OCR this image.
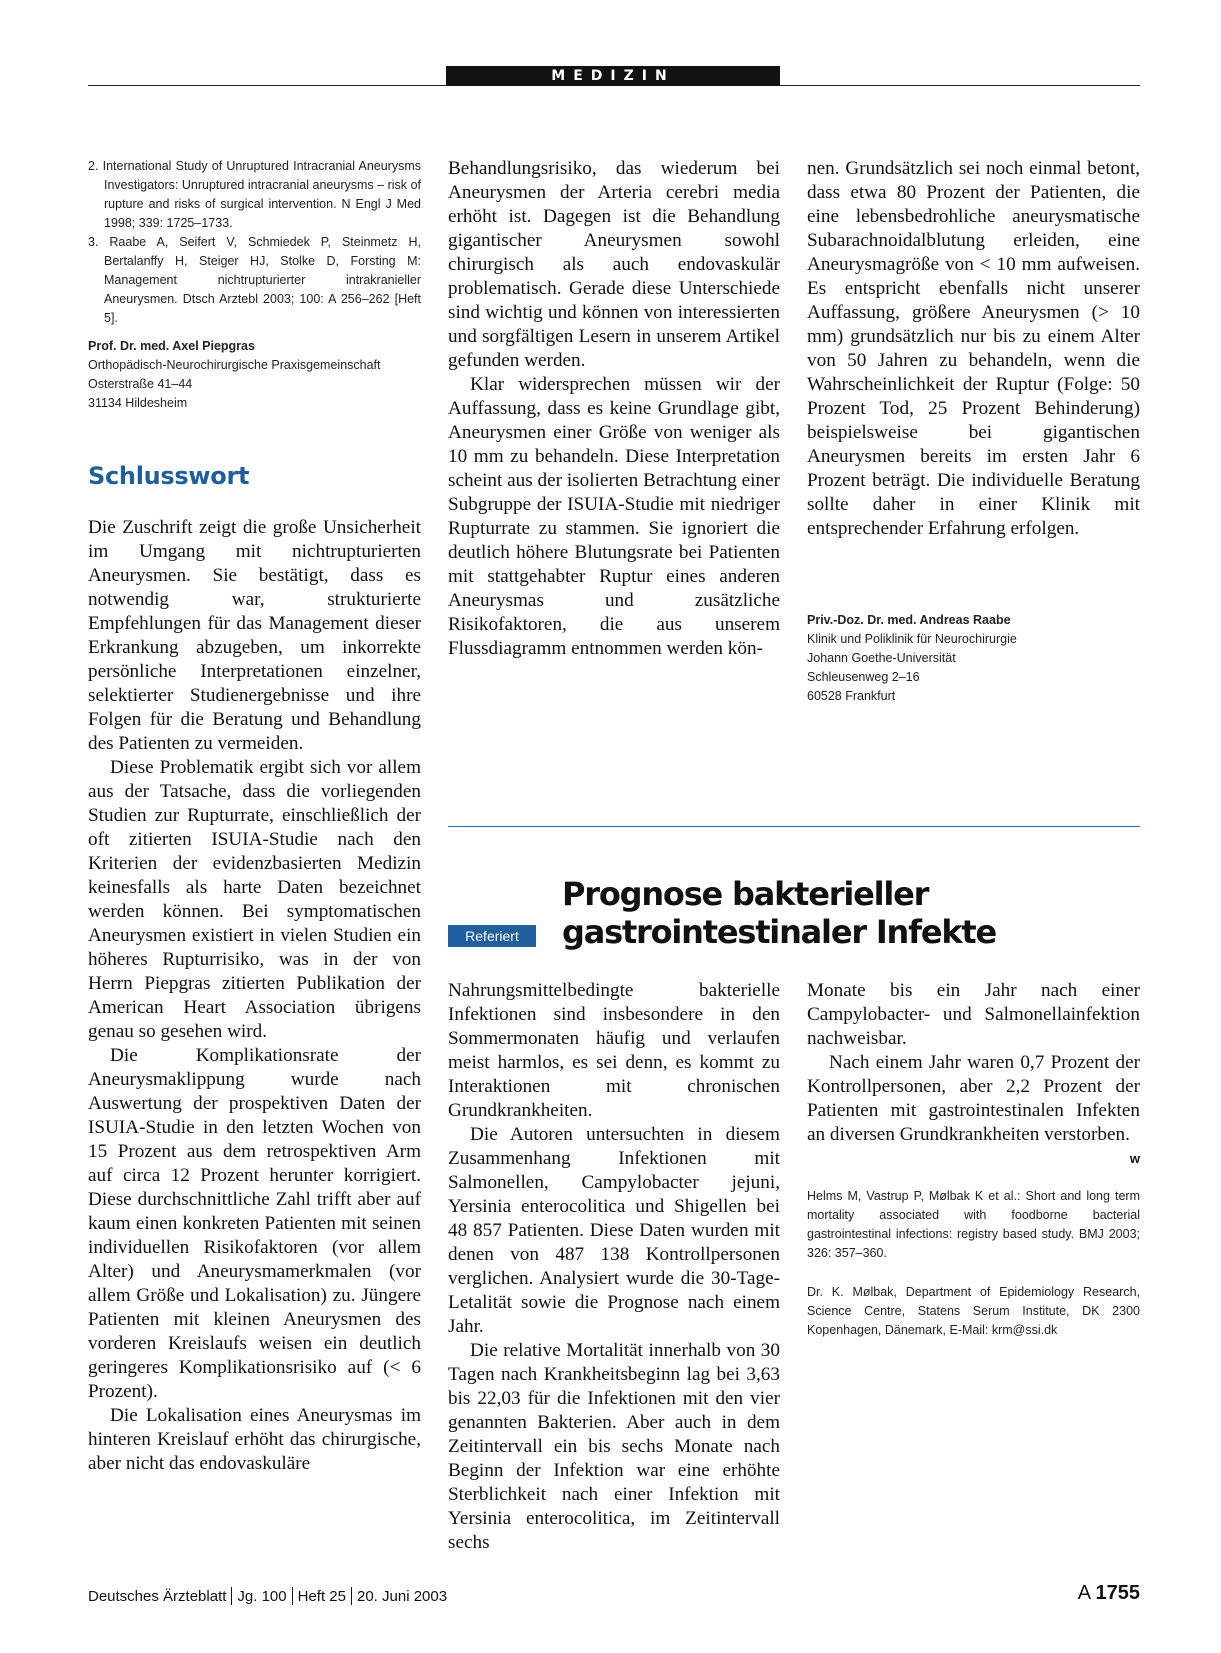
MEDIZIN

2. International Study of Unruptured Intracranial Aneurysms Investigators: Unruptured intracranial aneurysms – risk of rupture and risks of surgical intervention. N Engl J Med 1998; 339: 1725–1733.

3. Raabe A, Seifert V, Schmiedek P, Steinmetz H, Bertalanffy H, Steiger HJ, Stolke D, Forsting M: Management nichtrupturierter intrakranieller Aneurysmen. Dtsch Arztebl 2003; 100: A 256–262 [Heft 5].

Prof. Dr. med. Axel Piepgras

Orthopädisch-Neurochirurgische Praxisgemeinschaft

Osterstraße 41–44

31134 Hildesheim

Schlusswort

Die Zuschrift zeigt die große Unsicherheit im Umgang mit nichtrupturierten Aneurysmen. Sie bestätigt, dass es notwendig war, strukturierte Empfehlungen für das Management dieser Erkrankung abzugeben, um inkorrekte persönliche Interpretationen einzelner, selektierter Studienergebnisse und ihre Folgen für die Beratung und Behandlung des Patienten zu vermeiden.

Diese Problematik ergibt sich vor allem aus der Tatsache, dass die vorliegenden Studien zur Rupturrate, einschließlich der oft zitierten ISUIA-Studie nach den Kriterien der evidenzbasierten Medizin keinesfalls als harte Daten bezeichnet werden können. Bei symptomatischen Aneurysmen existiert in vielen Studien ein höheres Rupturrisiko, was in der von Herrn Piepgras zitierten Publikation der American Heart Association übrigens genau so gesehen wird.

Die Komplikationsrate der Aneurysmaklippung wurde nach Auswertung der prospektiven Daten der ISUIA-Studie in den letzten Wochen von 15 Prozent aus dem retrospektiven Arm auf circa 12 Prozent herunter korrigiert. Diese durchschnittliche Zahl trifft aber auf kaum einen konkreten Patienten mit seinen individuellen Risikofaktoren (vor allem Alter) und Aneurysmamerkmalen (vor allem Größe und Lokalisation) zu. Jüngere Patienten mit kleinen Aneurysmen des vorderen Kreislaufs weisen ein deutlich geringeres Komplikationsrisiko auf (< 6 Prozent).

Die Lokalisation eines Aneurysmas im hinteren Kreislauf erhöht das chirurgische, aber nicht das endovaskuläre

Behandlungsrisiko, das wiederum bei Aneurysmen der Arteria cerebri media erhöht ist. Dagegen ist die Behandlung gigantischer Aneurysmen sowohl chirurgisch als auch endovaskulär problematisch. Gerade diese Unterschiede sind wichtig und können von interessierten und sorgfältigen Lesern in unserem Artikel gefunden werden.

Klar widersprechen müssen wir der Auffassung, dass es keine Grundlage gibt, Aneurysmen einer Größe von weniger als 10 mm zu behandeln. Diese Interpretation scheint aus der isolierten Betrachtung einer Subgruppe der ISUIA-Studie mit niedriger Rupturrate zu stammen. Sie ignoriert die deutlich höhere Blutungsrate bei Patienten mit stattgehabter Ruptur eines anderen Aneurysmas und zusätzliche Risikofaktoren, die aus unserem Flussdiagramm entnommen werden kön-

nen. Grundsätzlich sei noch einmal betont, dass etwa 80 Prozent der Patienten, die eine lebensbedrohliche aneurysmatische Subarachnoidalblutung erleiden, eine Aneurysmagröße von < 10 mm aufweisen. Es entspricht ebenfalls nicht unserer Auffassung, größere Aneurysmen (> 10 mm) grundsätzlich nur bis zu einem Alter von 50 Jahren zu behandeln, wenn die Wahrscheinlichkeit der Ruptur (Folge: 50 Prozent Tod, 25 Prozent Behinderung) beispielsweise bei gigantischen Aneurysmen bereits im ersten Jahr 6 Prozent beträgt. Die individuelle Beratung sollte daher in einer Klinik mit entsprechender Erfahrung erfolgen.

Priv.-Doz. Dr. med. Andreas Raabe

Klinik und Poliklinik für Neurochirurgie

Johann Goethe-Universität

Schleusenweg 2–16

60528 Frankfurt

Referiert
Prognose bakterieller
gastrointestinaler Infekte

Nahrungsmittelbedingte bakterielle Infektionen sind insbesondere in den Sommermonaten häufig und verlaufen meist harmlos, es sei denn, es kommt zu Interaktionen mit chronischen Grundkrankheiten.

Die Autoren untersuchten in diesem Zusammenhang Infektionen mit Salmonellen, Campylobacter jejuni, Yersinia enterocolitica und Shigellen bei 48 857 Patienten. Diese Daten wurden mit denen von 487 138 Kontrollpersonen verglichen. Analysiert wurde die 30-Tage-Letalität sowie die Prognose nach einem Jahr.

Die relative Mortalität innerhalb von 30 Tagen nach Krankheitsbeginn lag bei 3,63 bis 22,03 für die Infektionen mit den vier genannten Bakterien. Aber auch in dem Zeitintervall ein bis sechs Monate nach Beginn der Infektion war eine erhöhte Sterblichkeit nach einer Infektion mit Yersinia enterocolitica, im Zeitintervall sechs

Monate bis ein Jahr nach einer Campylobacter- und Salmonellainfektion nachweisbar.

Nach einem Jahr waren 0,7 Prozent der Kontrollpersonen, aber 2,2 Prozent der Patienten mit gastrointestinalen Infekten an diversen Grundkrankheiten verstorben.
w

Helms M, Vastrup P, Mølbak K et al.: Short and long term mortality associated with foodborne bacterial gastrointestinal infections: registry based study. BMJ 2003; 326: 357–360.

Dr. K. Mølbak, Department of Epidemiology Research, Science Centre, Statens Serum Institute, DK 2300 Kopenhagen, Dänemark, E-Mail: krm@ssi.dk

Deutsches Ärzteblatt Jg. 100 Heft 25 20. Juni 2003	A 1755
